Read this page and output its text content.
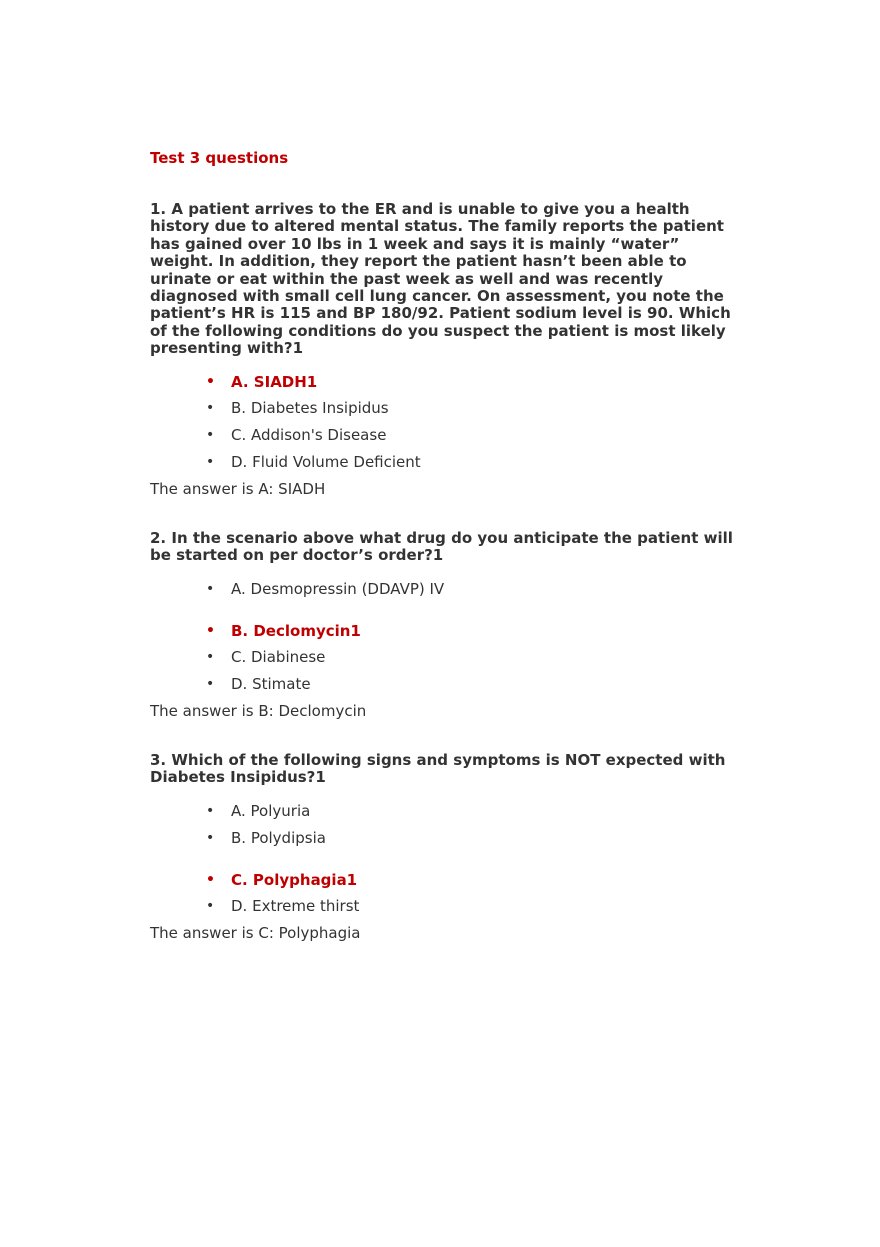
Test 3 questions

1. A patient arrives to the ER and is unable to give you a health history due to altered mental status. The family reports the patient has gained over 10 lbs in 1 week and says it is mainly “water” weight. In addition, they report the patient hasn’t been able to urinate or eat within the past week as well and was recently diagnosed with small cell lung cancer. On assessment, you note the patient’s HR is 115 and BP 180/92. Patient sodium level is 90. Which of the following conditions do you suspect the patient is most likely presenting with?1

• A. SIADH1
• B. Diabetes Insipidus
• C. Addison's Disease
• D. Fluid Volume Deficient

The answer is A: SIADH

2. In the scenario above what drug do you anticipate the patient will be started on per doctor’s order?1

• A. Desmopressin (DDAVP) IV
• B. Declomycin1
• C. Diabinese
• D. Stimate

The answer is B: Declomycin

3. Which of the following signs and symptoms is NOT expected with Diabetes Insipidus?1

• A. Polyuria
• B. Polydipsia
• C. Polyphagia1
• D. Extreme thirst

The answer is C: Polyphagia
